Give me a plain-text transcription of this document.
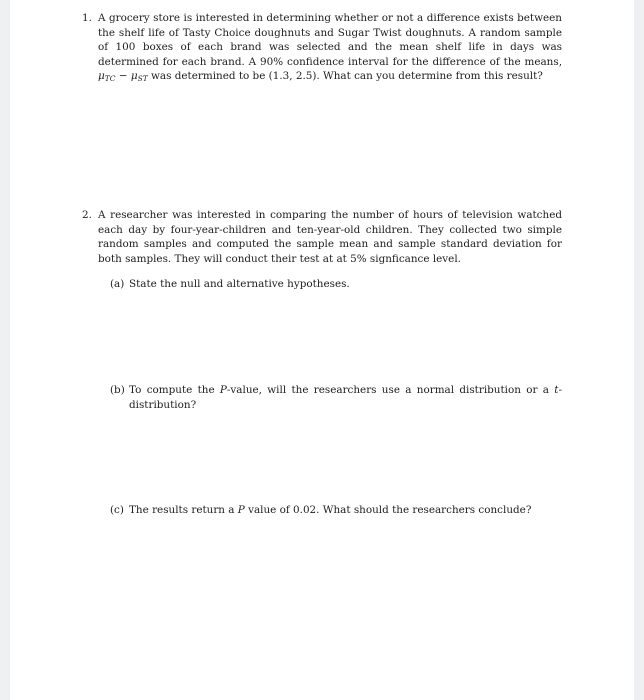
1. A grocery store is interested in determining whether or not a difference exists between the shelf life of Tasty Choice doughnuts and Sugar Twist doughnuts. A random sample of 100 boxes of each brand was selected and the mean shelf life in days was determined for each brand. A 90% confidence interval for the difference of the means, $\mu_{TC} - \mu_{ST}$ was determined to be (1.3, 2.5). What can you determine from this result?
2. A researcher was interested in comparing the number of hours of television watched each day by four-year-children and ten-year-old children. They collected two simple random samples and computed the sample mean and sample standard deviation for both samples. They will conduct their test at at 5% signficance level.
(a) State the null and alternative hypotheses.
(b) To compute the P-value, will the researchers use a normal distribution or a t-distribution?
(c) The results return a P value of 0.02. What should the researchers conclude?
